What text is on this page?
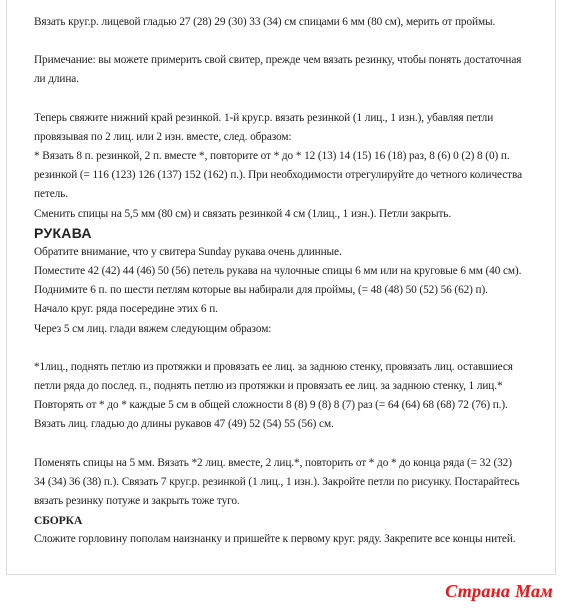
Вязать круг.р. лицевой гладью 27 (28) 29 (30) 33 (34) см спицами 6 мм (80 см), мерить от проймы.

Примечание: вы можете примерить свой свитер, прежде чем вязать резинку, чтобы понять достаточная

ли длина.

Теперь свяжите нижний край резинкой. 1-й круг.р. вязать резинкой (1 лиц., 1 изн.), убавляя петли

провязывая по 2 лиц. или 2 изн. вместе, след. образом:

* Вязать 8 п. резинкой, 2 п. вместе *, повторите от * до * 12 (13) 14 (15) 16 (18) раз, 8 (6) 0 (2) 8 (0) п.

резинкой (= 116 (123) 126 (137) 152 (162) п.). При необходимости отрегулируйте до четного количества

петель.

Сменить спицы на 5,5 мм (80 см) и связать резинкой 4 см (1лиц., 1 изн.). Петли закрыть.

РУКАВА

Обратите внимание, что у свитера Sunday рукава очень длинные.

Поместите 42 (42) 44 (46) 50 (56) петель рукава на чулочные спицы 6 мм или на круговые 6 мм (40 см).

Поднимите 6 п. по шести петлям которые вы набирали для проймы, (= 48 (48) 50 (52) 56 (62) п).

Начало круг. ряда посередине этих 6 п.

Через 5 см лиц. глади вяжем следующим образом:

*1лиц., поднять петлю из протяжки и провязать ее лиц. за заднюю стенку, провязать лиц. оставшиеся

петли ряда до послед. п., поднять петлю из протяжки и провязать ее лиц. за заднюю стенку, 1 лиц.*

Повторять от * до * каждые 5 см в общей сложности 8 (8) 9 (8) 8 (7) раз (= 64 (64) 68 (68) 72 (76) п.).

Вязать лиц. гладью до длины рукавов 47 (49) 52 (54) 55 (56) см.

Поменять спицы на 5 мм. Вязать *2 лиц. вместе, 2 лиц.*, повторить от * до * до конца ряда (= 32 (32)

34 (34) 36 (38) п.). Связать 7 круг.р. резинкой (1 лиц., 1 изн.). Закройте петли по рисунку. Постарайтесь

вязать резинку потуже и закрыть тоже туго.

СБОРКА

Сложите горловину пополам наизнанку и пришейте к первому круг. ряду. Закрепите все концы нитей.

Страна Мам
